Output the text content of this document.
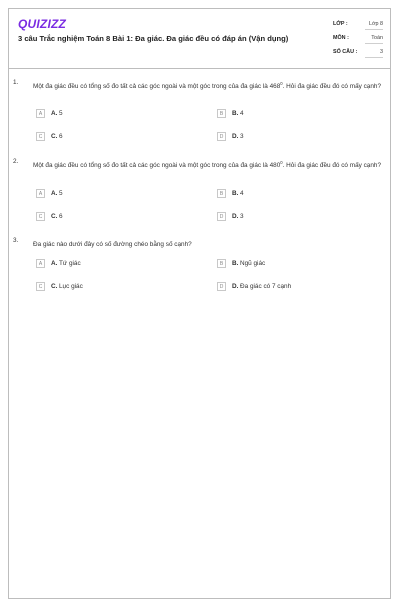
QUIZIZZ
3 câu Trắc nghiệm Toán 8 Bài 1: Đa giác. Đa giác đều có đáp án (Vận dụng)
LỚP :	Lớp 8
MÔN :	Toán
SỐ CÂU :	3
1.
Một đa giác đều có tổng số đo tất cả các góc ngoài và một góc trong của đa giác là $468^0$. Hỏi đa giác đều đó có mấy cạnh?
A	A. 5	B	B. 4
C	C. 6	D	D. 3
2.
Một đa giác đều có tổng số đo tất cả các góc ngoài và một góc trong của đa giác là $480^0$. Hỏi đa giác đều đó có mấy cạnh?
A	A. 5	B	B. 4
C	C. 6	D	D. 3
3.
Đa giác nào dưới đây có số đường chéo bằng số cạnh?
A	A. Tứ giác	B	B. Ngũ giác
C	C. Lục giác	D	D. Đa giác có 7 cạnh
